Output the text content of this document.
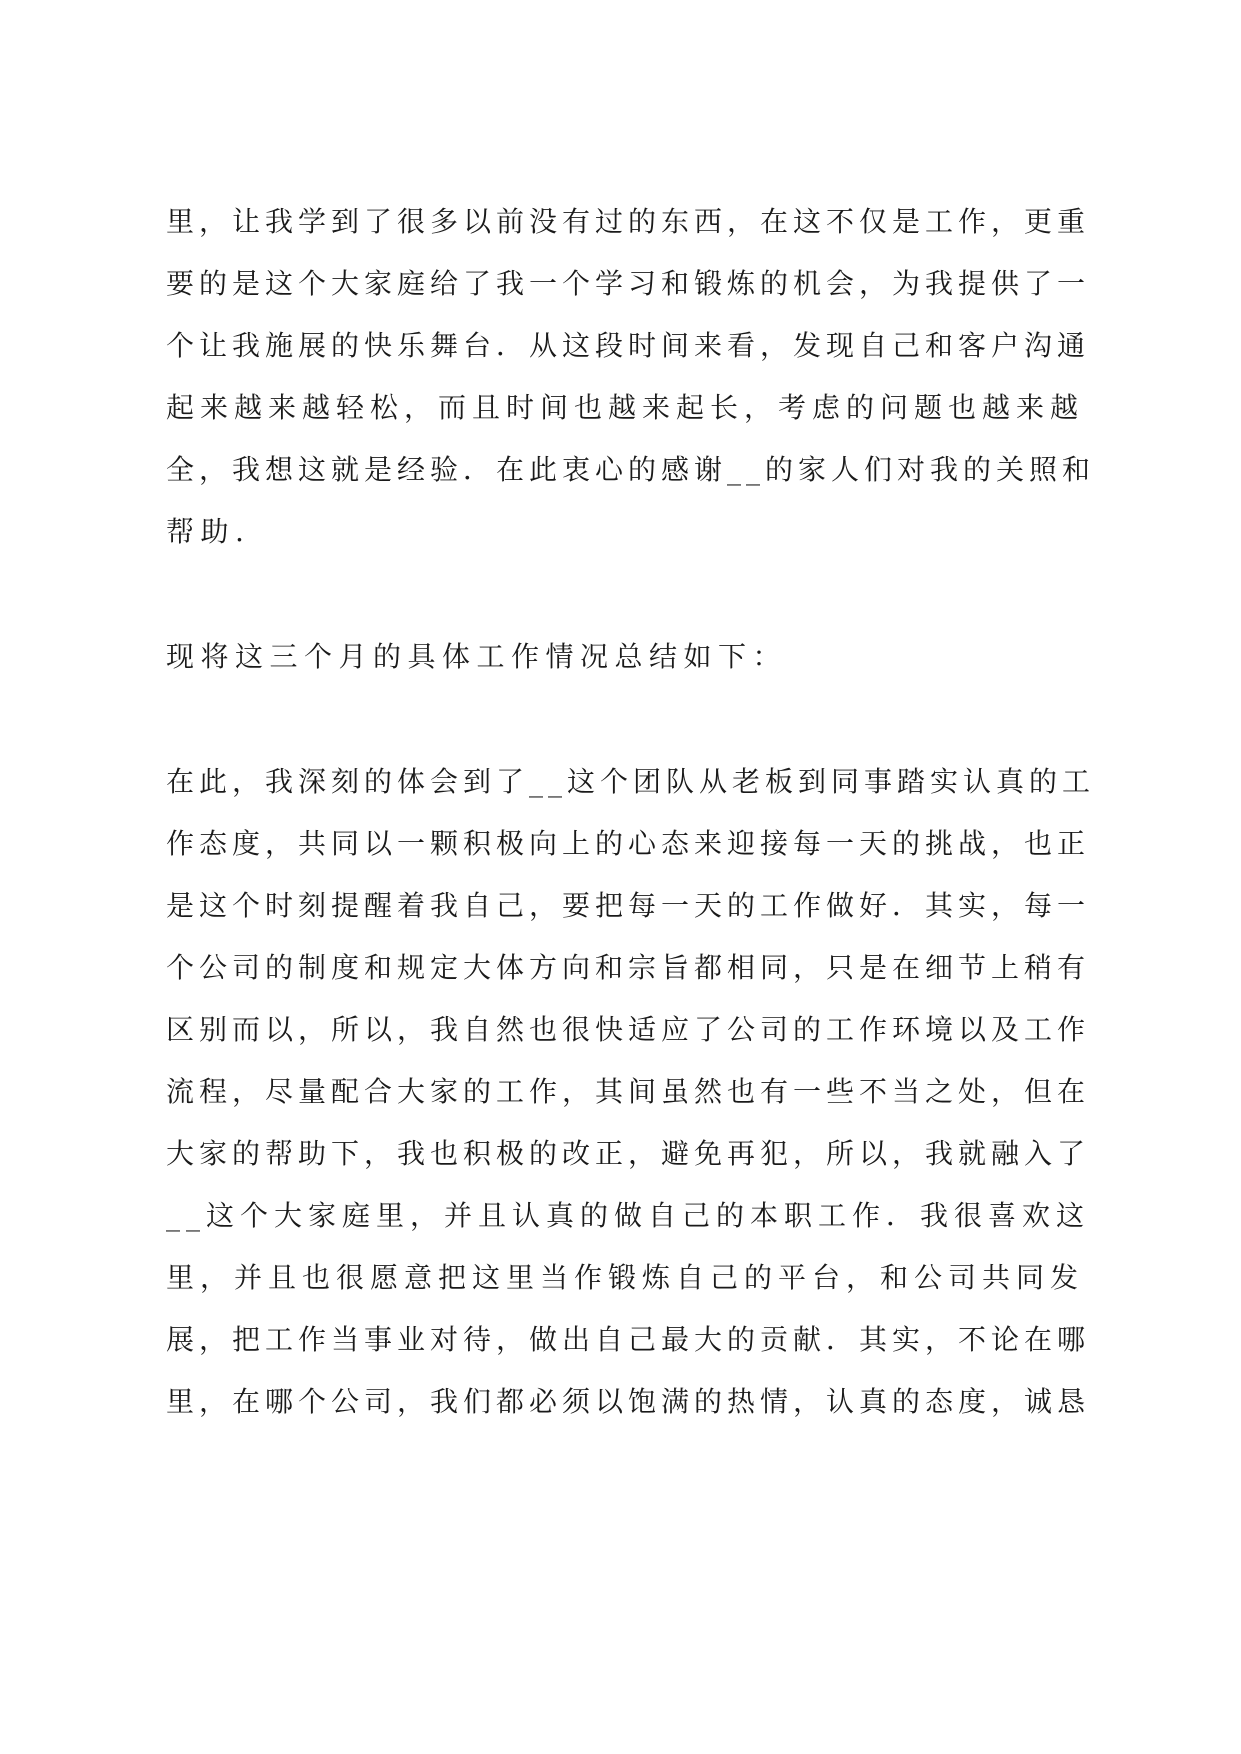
里，让我学到了很多以前没有过的东西，在这不仅是工作，更重
要的是这个大家庭给了我一个学习和锻炼的机会，为我提供了一
个让我施展的快乐舞台．从这段时间来看，发现自己和客户沟通
起来越来越轻松，而且时间也越来起长，考虑的问题也越来越
全，我想这就是经验．在此衷心的感谢__的家人们对我的关照和
帮助.
现将这三个月的具体工作情况总结如下：
在此，我深刻的体会到了__这个团队从老板到同事踏实认真的工
作态度，共同以一颗积极向上的心态来迎接每一天的挑战，也正
是这个时刻提醒着我自己，要把每一天的工作做好．其实，每一
个公司的制度和规定大体方向和宗旨都相同，只是在细节上稍有
区别而以，所以，我自然也很快适应了公司的工作环境以及工作
流程，尽量配合大家的工作，其间虽然也有一些不当之处，但在
大家的帮助下，我也积极的改正，避免再犯，所以，我就融入了
__这个大家庭里，并且认真的做自己的本职工作．我很喜欢这
里，并且也很愿意把这里当作锻炼自己的平台，和公司共同发
展，把工作当事业对待，做出自己最大的贡献．其实，不论在哪
里，在哪个公司，我们都必须以饱满的热情，认真的态度，诚恳
